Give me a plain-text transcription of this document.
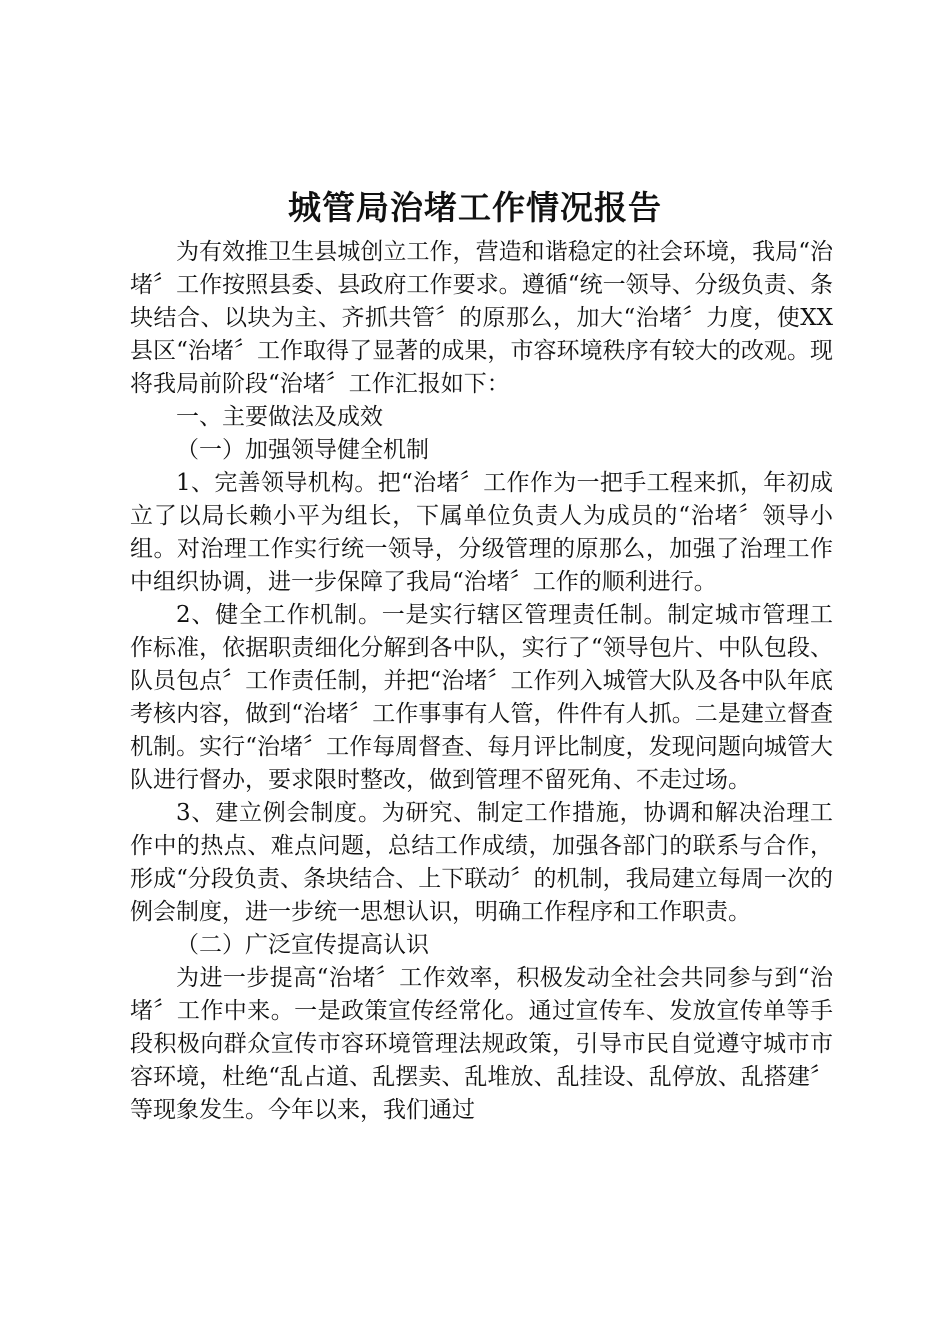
城管局治堵工作情况报告

为有效推卫生县城创立工作，营造和谐稳定的社会环境，我局“治堵〞工作按照县委、县政府工作要求。遵循“统一领导、分级负责、条块结合、以块为主、齐抓共管〞的原那么，加大“治堵〞力度，使XX县区“治堵〞工作取得了显著的成果，市容环境秩序有较大的改观。现将我局前阶段“治堵〞工作汇报如下：

一、主要做法及成效

（一）加强领导健全机制

1、完善领导机构。把“治堵〞工作作为一把手工程来抓，年初成立了以局长赖小平为组长，下属单位负责人为成员的“治堵〞领导小组。对治理工作实行统一领导，分级管理的原那么，加强了治理工作中组织协调，进一步保障了我局“治堵〞工作的顺利进行。

2、健全工作机制。一是实行辖区管理责任制。制定城市管理工作标准，依据职责细化分解到各中队，实行了“领导包片、中队包段、队员包点〞工作责任制，并把“治堵〞工作列入城管大队及各中队年底考核内容，做到“治堵〞工作事事有人管，件件有人抓。二是建立督查机制。实行“治堵〞工作每周督查、每月评比制度，发现问题向城管大队进行督办，要求限时整改，做到管理不留死角、不走过场。

3、建立例会制度。为研究、制定工作措施，协调和解决治理工作中的热点、难点问题，总结工作成绩，加强各部门的联系与合作，形成“分段负责、条块结合、上下联动〞的机制，我局建立每周一次的例会制度，进一步统一思想认识，明确工作程序和工作职责。

（二）广泛宣传提高认识

为进一步提高“治堵〞工作效率，积极发动全社会共同参与到“治堵〞工作中来。一是政策宣传经常化。通过宣传车、发放宣传单等手段积极向群众宣传市容环境管理法规政策，引导市民自觉遵守城市市容环境，杜绝“乱占道、乱摆卖、乱堆放、乱挂设、乱停放、乱搭建〞等现象发生。今年以来，我们通过
